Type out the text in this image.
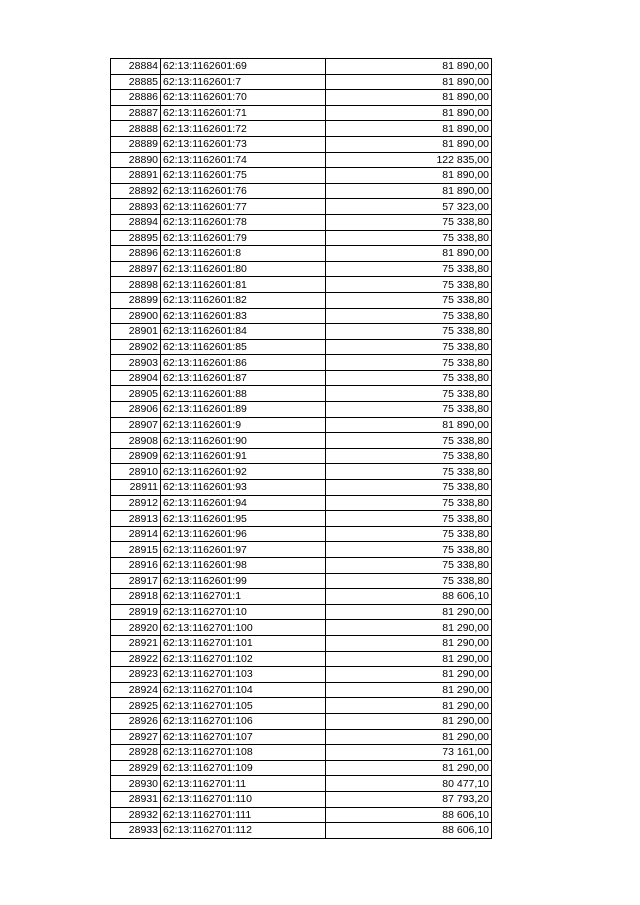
28884	62:13:1162601:69	81 890,00
28885	62:13:1162601:7	81 890,00
28886	62:13:1162601:70	81 890,00
28887	62:13:1162601:71	81 890,00
28888	62:13:1162601:72	81 890,00
28889	62:13:1162601:73	81 890,00
28890	62:13:1162601:74	122 835,00
28891	62:13:1162601:75	81 890,00
28892	62:13:1162601:76	81 890,00
28893	62:13:1162601:77	57 323,00
28894	62:13:1162601:78	75 338,80
28895	62:13:1162601:79	75 338,80
28896	62:13:1162601:8	81 890,00
28897	62:13:1162601:80	75 338,80
28898	62:13:1162601:81	75 338,80
28899	62:13:1162601:82	75 338,80
28900	62:13:1162601:83	75 338,80
28901	62:13:1162601:84	75 338,80
28902	62:13:1162601:85	75 338,80
28903	62:13:1162601:86	75 338,80
28904	62:13:1162601:87	75 338,80
28905	62:13:1162601:88	75 338,80
28906	62:13:1162601:89	75 338,80
28907	62:13:1162601:9	81 890,00
28908	62:13:1162601:90	75 338,80
28909	62:13:1162601:91	75 338,80
28910	62:13:1162601:92	75 338,80
28911	62:13:1162601:93	75 338,80
28912	62:13:1162601:94	75 338,80
28913	62:13:1162601:95	75 338,80
28914	62:13:1162601:96	75 338,80
28915	62:13:1162601:97	75 338,80
28916	62:13:1162601:98	75 338,80
28917	62:13:1162601:99	75 338,80
28918	62:13:1162701:1	88 606,10
28919	62:13:1162701:10	81 290,00
28920	62:13:1162701:100	81 290,00
28921	62:13:1162701:101	81 290,00
28922	62:13:1162701:102	81 290,00
28923	62:13:1162701:103	81 290,00
28924	62:13:1162701:104	81 290,00
28925	62:13:1162701:105	81 290,00
28926	62:13:1162701:106	81 290,00
28927	62:13:1162701:107	81 290,00
28928	62:13:1162701:108	73 161,00
28929	62:13:1162701:109	81 290,00
28930	62:13:1162701:11	80 477,10
28931	62:13:1162701:110	87 793,20
28932	62:13:1162701:111	88 606,10
28933	62:13:1162701:112	88 606,10
